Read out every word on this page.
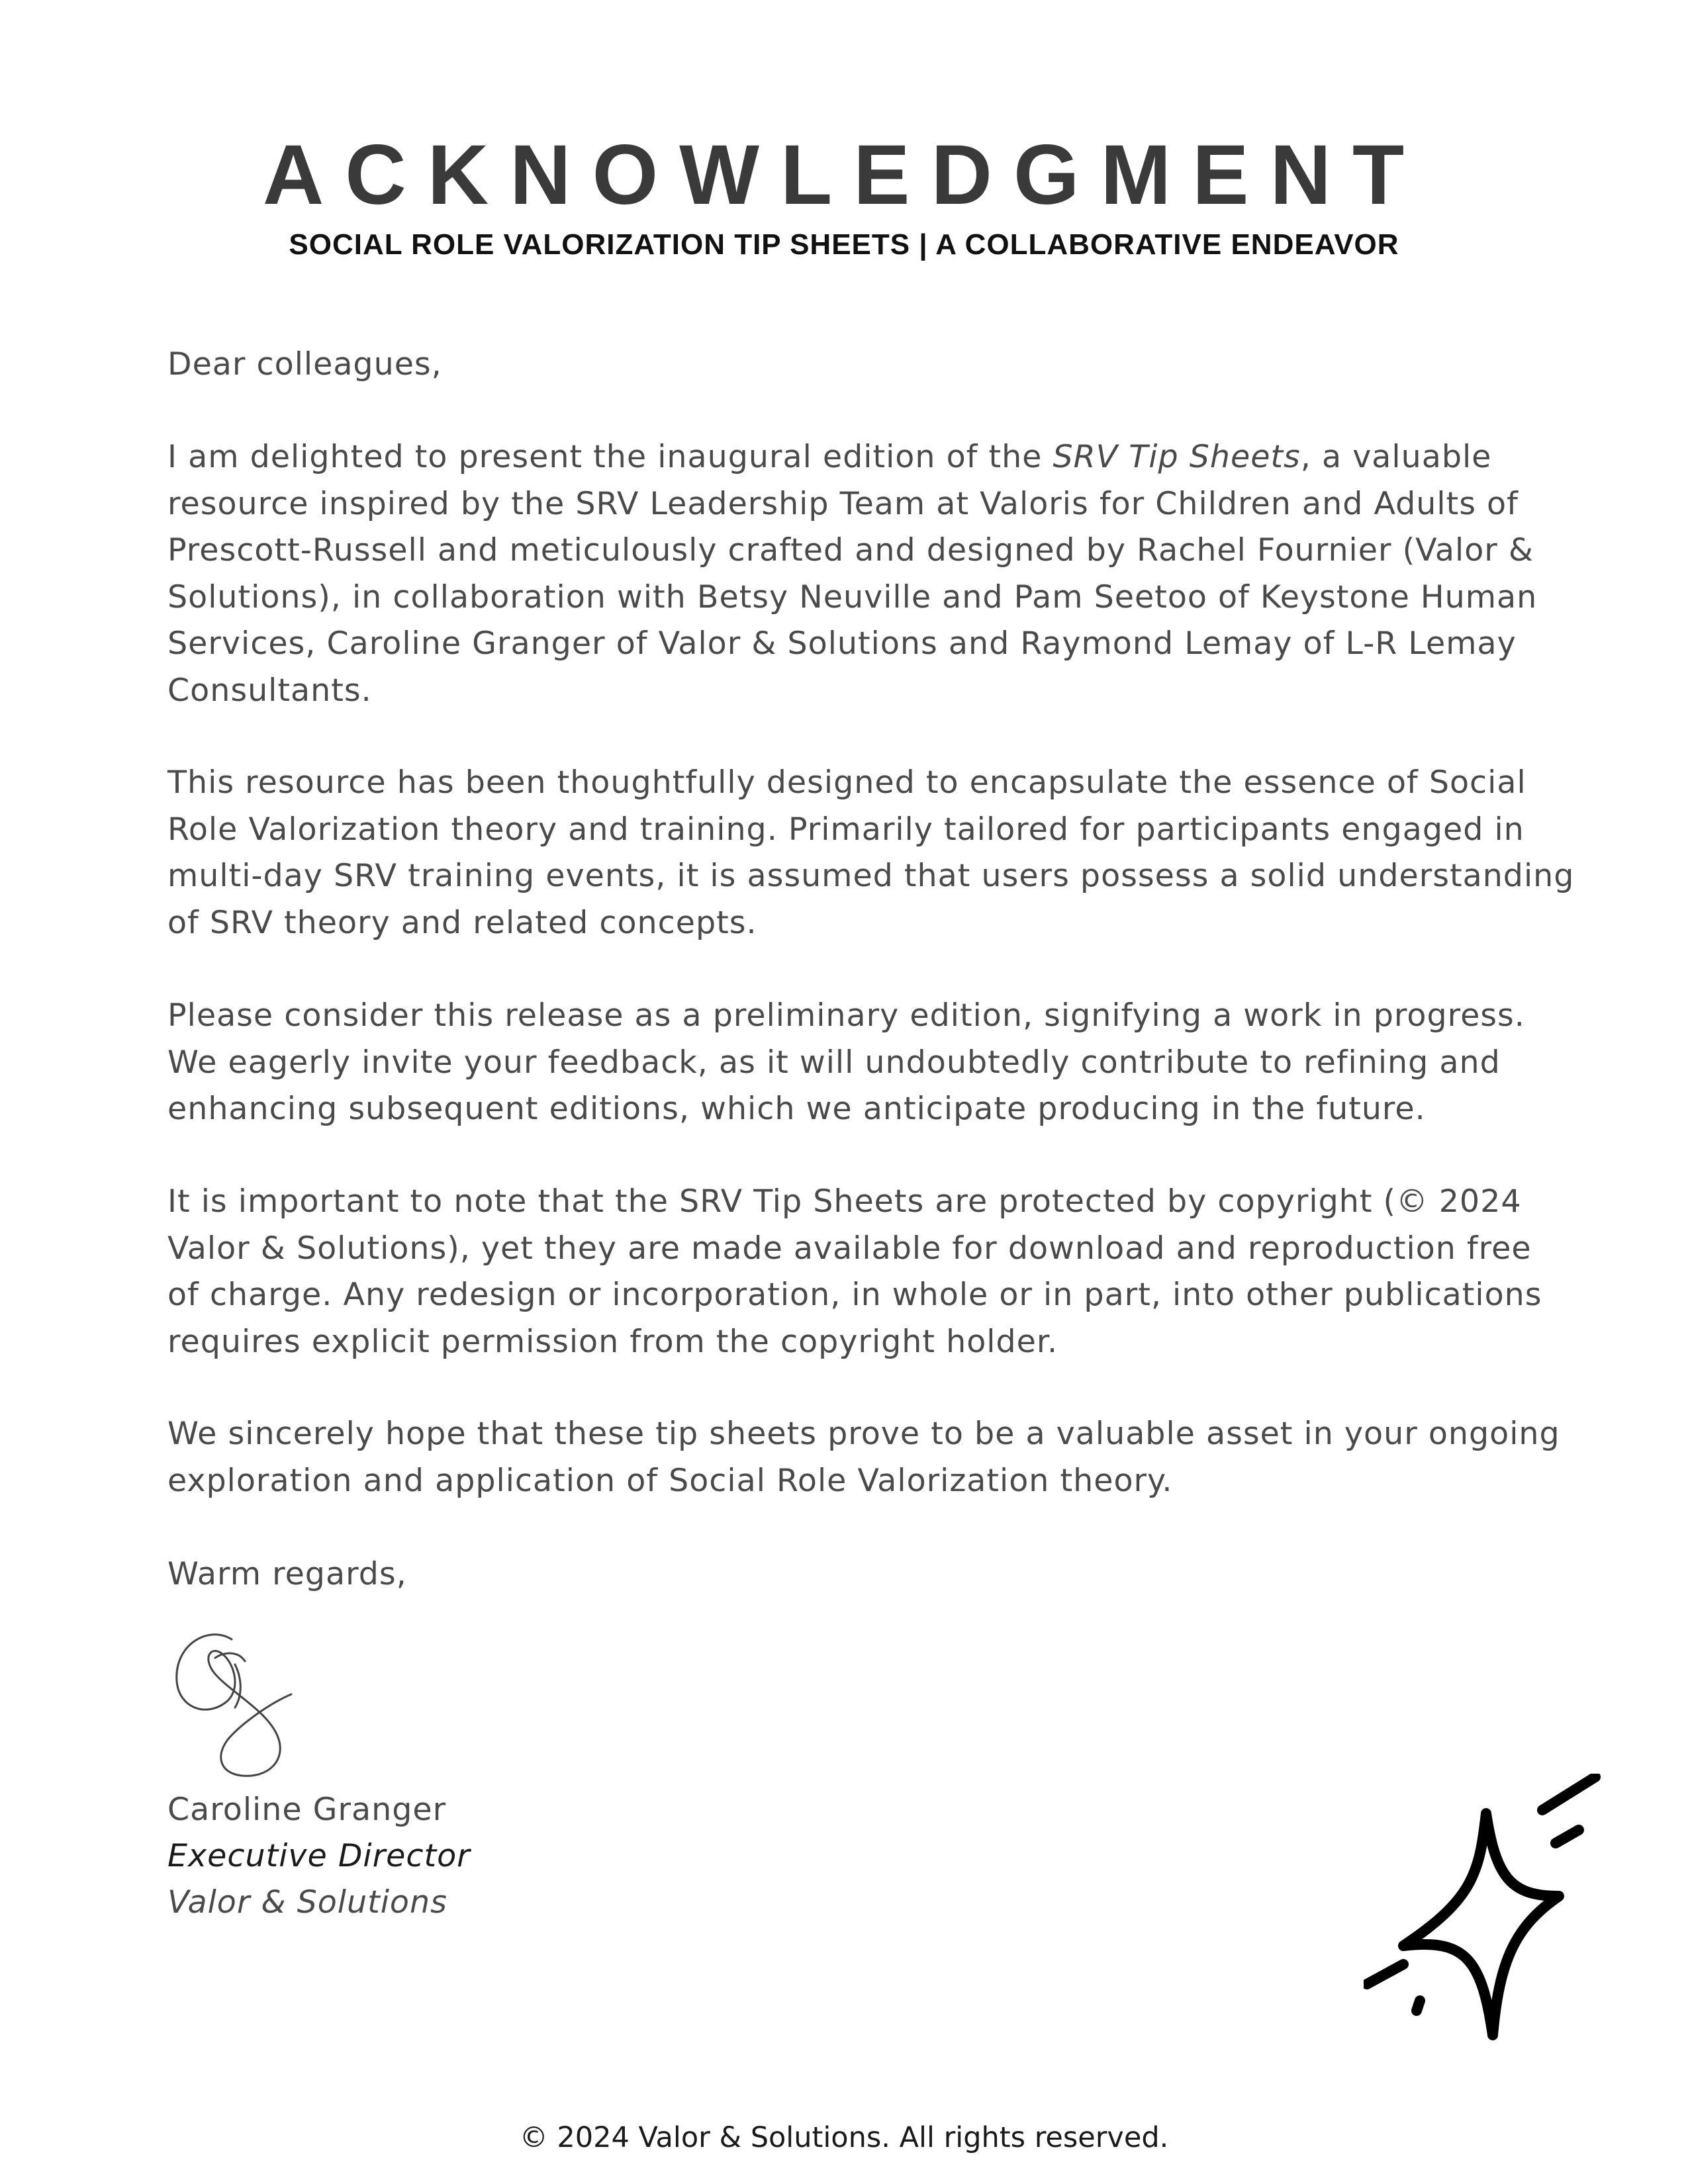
ACKNOWLEDGMENT
SOCIAL ROLE VALORIZATION TIP SHEETS | A COLLABORATIVE ENDEAVOR

Dear colleagues,

I am delighted to present the inaugural edition of the SRV Tip Sheets, a valuable

resource inspired by the SRV Leadership Team at Valoris for Children and Adults of

Prescott-Russell and meticulously crafted and designed by Rachel Fournier (Valor &

Solutions), in collaboration with Betsy Neuville and Pam Seetoo of Keystone Human

Services, Caroline Granger of Valor & Solutions and Raymond Lemay of L-R Lemay

Consultants.

This resource has been thoughtfully designed to encapsulate the essence of Social

Role Valorization theory and training. Primarily tailored for participants engaged in

multi-day SRV training events, it is assumed that users possess a solid understanding

of SRV theory and related concepts.

Please consider this release as a preliminary edition, signifying a work in progress.

We eagerly invite your feedback, as it will undoubtedly contribute to refining and

enhancing subsequent editions, which we anticipate producing in the future.

It is important to note that the SRV Tip Sheets are protected by copyright (© 2024

Valor & Solutions), yet they are made available for download and reproduction free

of charge. Any redesign or incorporation, in whole or in part, into other publications

requires explicit permission from the copyright holder.

We sincerely hope that these tip sheets prove to be a valuable asset in your ongoing

exploration and application of Social Role Valorization theory.

Warm regards,

Caroline Granger
Executive Director
Valor & Solutions
© 2024 Valor & Solutions. All rights reserved.
